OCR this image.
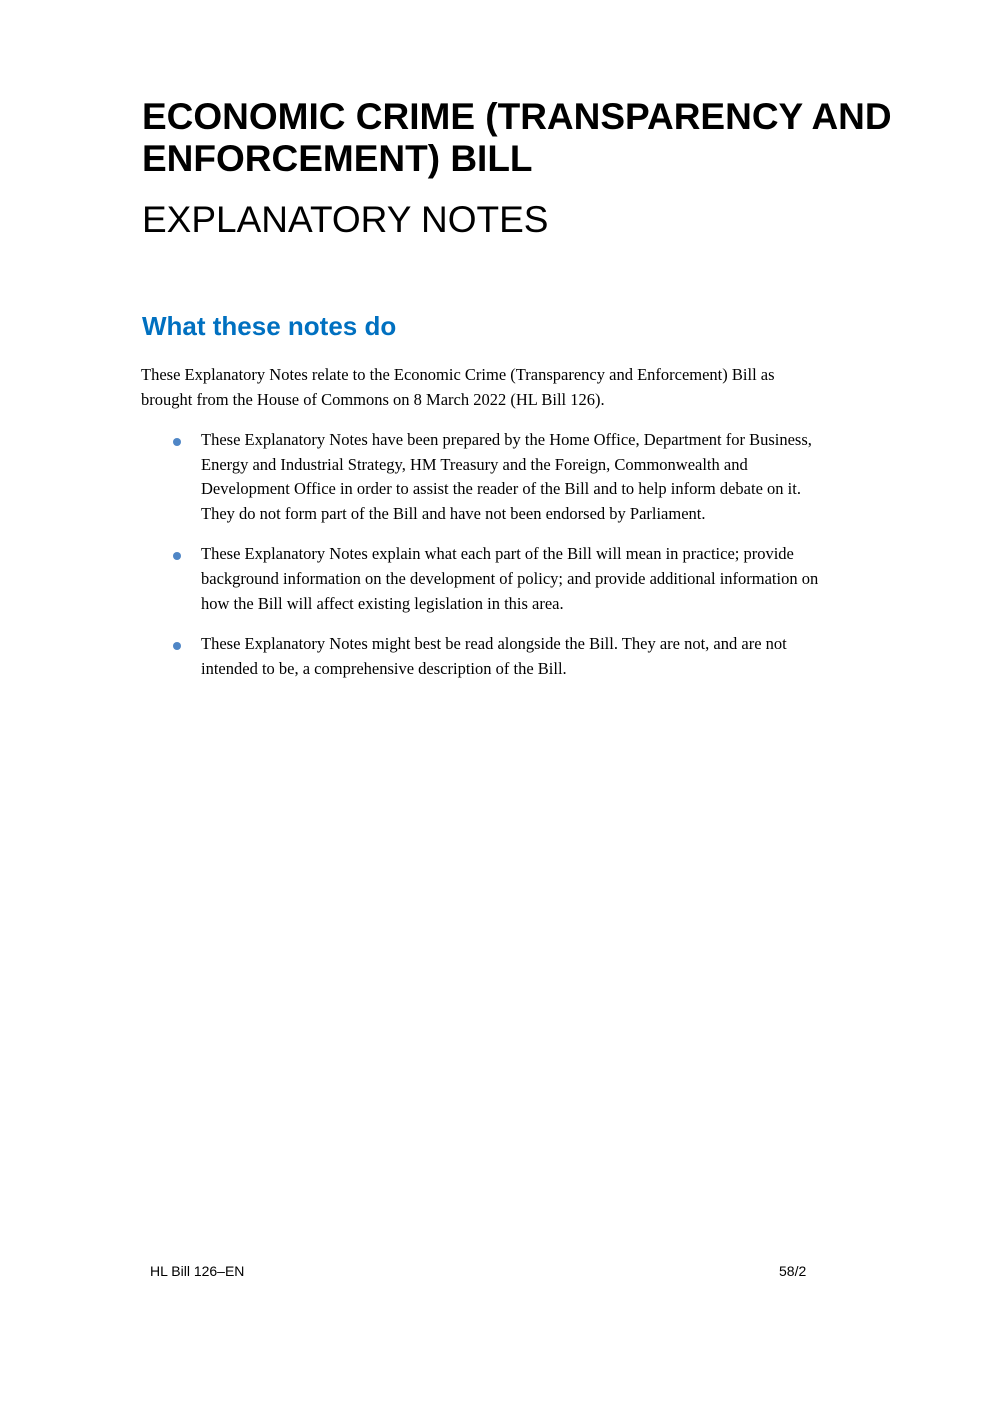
ECONOMIC CRIME (TRANSPARENCY AND
ENFORCEMENT) BILL
EXPLANATORY NOTES
What these notes do

These Explanatory Notes relate to the Economic Crime (Transparency and Enforcement) Bill as
brought from the House of Commons on 8 March 2022 (HL Bill 126).

These Explanatory Notes have been prepared by the Home Office, Department for Business,
Energy and Industrial Strategy, HM Treasury and the Foreign, Commonwealth and
Development Office in order to assist the reader of the Bill and to help inform debate on it.
They do not form part of the Bill and have not been endorsed by Parliament.
These Explanatory Notes explain what each part of the Bill will mean in practice; provide
background information on the development of policy; and provide additional information on
how the Bill will affect existing legislation in this area.
These Explanatory Notes might best be read alongside the Bill. They are not, and are not
intended to be, a comprehensive description of the Bill.
HL Bill 126–EN	58/2
